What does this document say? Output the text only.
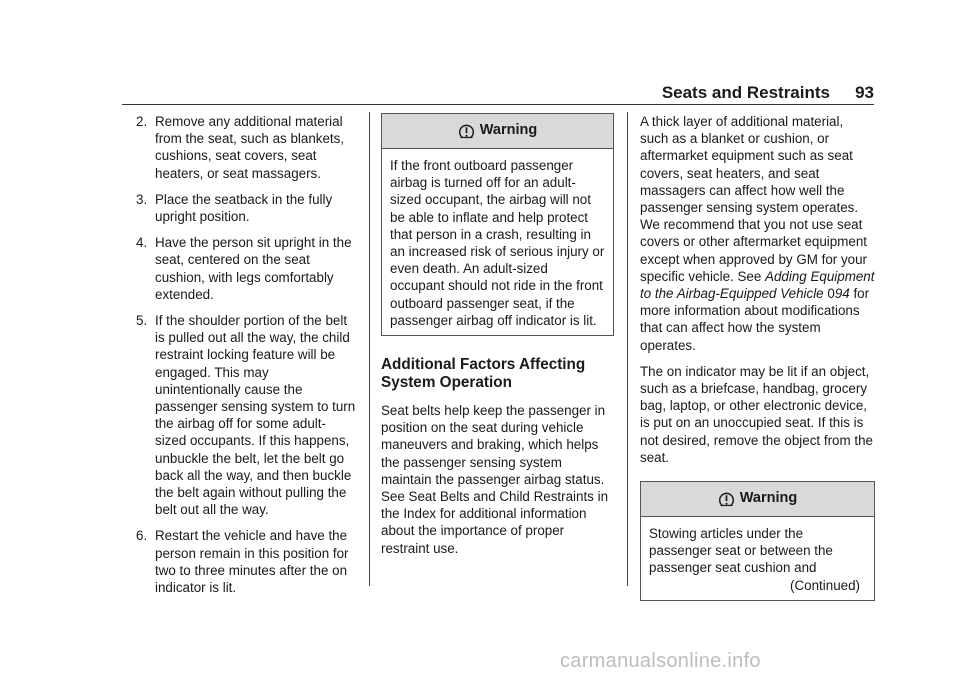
Seats and Restraints	93
2. Remove any additional material from the seat, such as blankets, cushions, seat covers, seat heaters, or seat massagers.
3. Place the seatback in the fully upright position.
4. Have the person sit upright in the seat, centered on the seat cushion, with legs comfortably extended.
5. If the shoulder portion of the belt is pulled out all the way, the child restraint locking feature will be engaged. This may unintentionally cause the passenger sensing system to turn the airbag off for some adult-sized occupants. If this happens, unbuckle the belt, let the belt go back all the way, and then buckle the belt again without pulling the belt out all the way.
6. Restart the vehicle and have the person remain in this position for two to three minutes after the on indicator is lit.
Warning
If the front outboard passenger airbag is turned off for an adult-sized occupant, the airbag will not be able to inflate and help protect that person in a crash, resulting in an increased risk of serious injury or even death. An adult-sized occupant should not ride in the front outboard passenger seat, if the passenger airbag off indicator is lit.
Additional Factors Affecting System Operation

Seat belts help keep the passenger in position on the seat during vehicle maneuvers and braking, which helps the passenger sensing system maintain the passenger airbag status. See Seat Belts and Child Restraints in the Index for additional information about the importance of proper restraint use.

A thick layer of additional material, such as a blanket or cushion, or aftermarket equipment such as seat covers, seat heaters, and seat massagers can affect how well the passenger sensing system operates. We recommend that you not use seat covers or other aftermarket equipment except when approved by GM for your specific vehicle. See Adding Equipment to the Airbag-Equipped Vehicle 094 for more information about modifications that can affect how the system operates.

The on indicator may be lit if an object, such as a briefcase, handbag, grocery bag, laptop, or other electronic device, is put on an unoccupied seat. If this is not desired, remove the object from the seat.

Warning
Stowing articles under the passenger seat or between the passenger seat cushion and
(Continued)
carmanualsonline.info
